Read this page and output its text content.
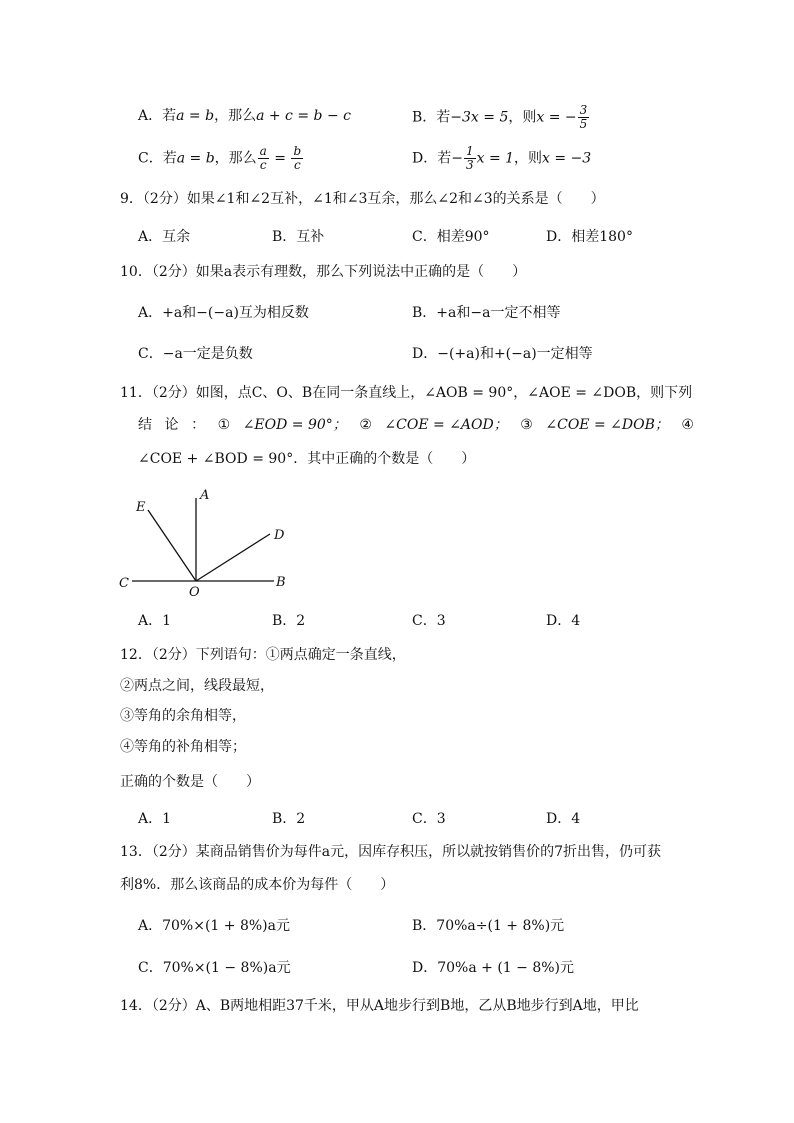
A．若a = b，那么a + c = b − c	B．若−3x = 5，则x = − $\frac{3}{5}$
C．若a = b，那么 $\frac{a}{c} = \frac{b}{c}$	D．若− $\frac{1}{3}$ x = 1，则x = −3
9．（2分）如果∠1和∠2互补，∠1和∠3互余，那么∠2和∠3的关系是（　　）
A．互余	B．互补	C．相差90°	D．相差180°
10．（2分）如果a表示有理数，那么下列说法中正确的是（　　）
A．+a和−(−a)互为相反数	B．+a和−a一定不相等
C．−a一定是负数	D．−(+a)和+(−a)一定相等
11．（2分）如图，点C、O、B在同一条直线上，∠AOB = 90°，∠AOE = ∠DOB，则下列
结 论 ： ① ∠EOD = 90°； ② ∠COE = ∠AOD； ③ ∠COE = ∠DOB； ④
∠COE + ∠BOD = 90°．其中正确的个数是（　　）
E
A
D
C
O
B
A．1	B．2	C．3	D．4
12．（2分）下列语句：①两点确定一条直线，
②两点之间，线段最短，
③等角的余角相等，
④等角的补角相等；
正确的个数是（　　）
A．1	B．2	C．3	D．4
13．（2分）某商品销售价为每件a元，因库存积压，所以就按销售价的7折出售，仍可获
利8%．那么该商品的成本价为每件（　　）
A．70%×(1 + 8%)a元	B．70%a÷(1 + 8%)元
C．70%×(1 − 8%)a元	D．70%a + (1 − 8%)元
14．（2分）A、B两地相距37千米，甲从A地步行到B地，乙从B地步行到A地，甲比
